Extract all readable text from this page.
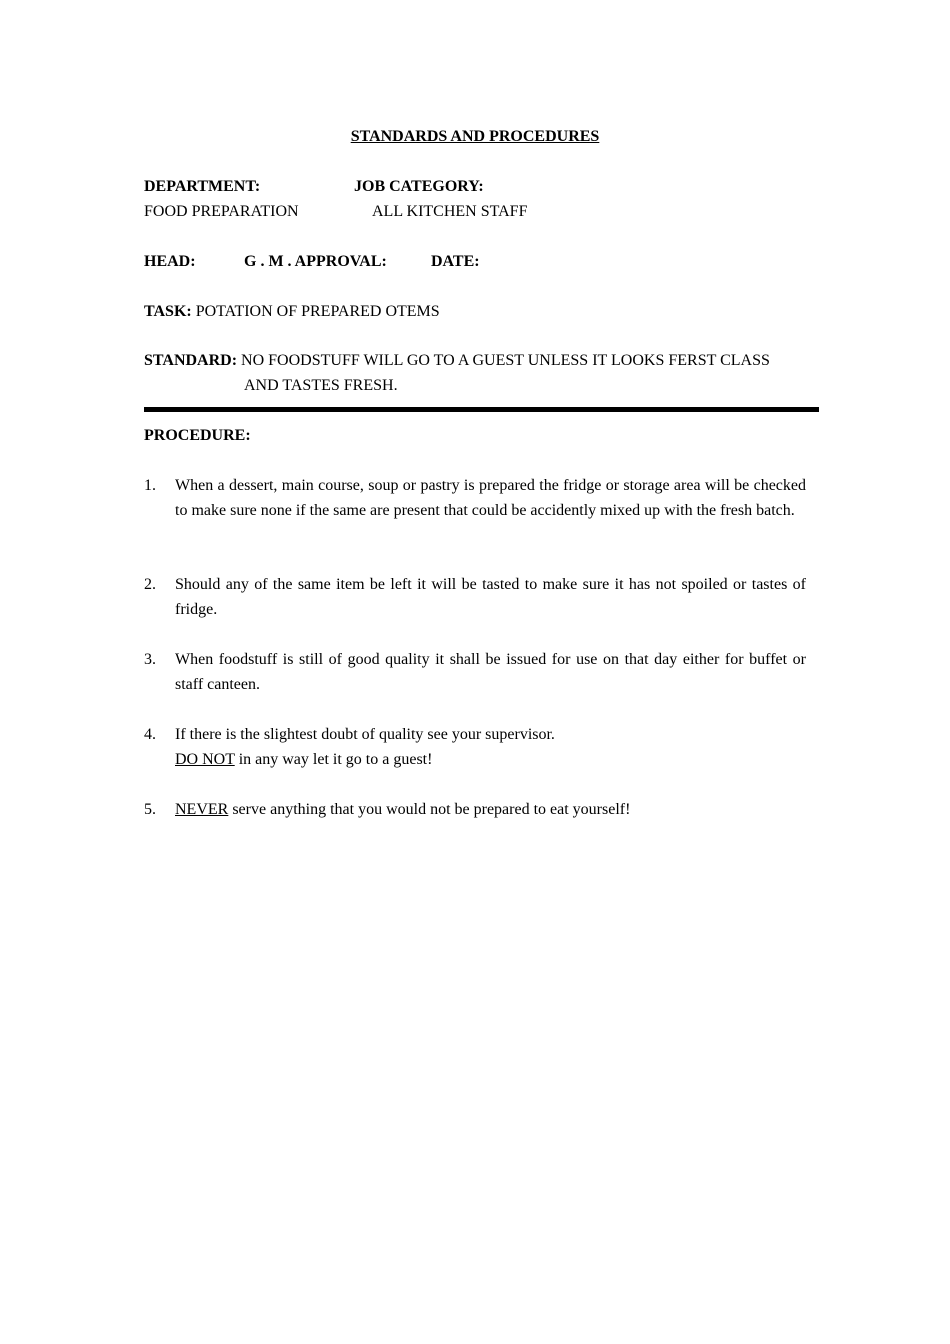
STANDARDS AND PROCEDURES
DEPARTMENT:	JOB CATEGORY:
FOOD PREPARATION	ALL KITCHEN STAFF
HEAD:	G . M . APPROVAL:	DATE:
TASK: POTATION OF PREPARED OTEMS
STANDARD: NO FOODSTUFF WILL GO TO A GUEST UNLESS IT LOOKS FERST CLASS
AND TASTES FRESH.
PROCEDURE:
1. When a dessert, main course, soup or pastry is prepared the fridge or storage area will be checked to make sure none if the same are present that could be accidently mixed up with the fresh batch.
2. Should any of the same item be left it will be tasted to make sure it has not spoiled or tastes of fridge.
3. When foodstuff is still of good quality it shall be issued for use on that day either for buffet or staff canteen.
4. If there is the slightest doubt of quality see your supervisor.
DO NOT in any way let it go to a guest!
5. NEVER serve anything that you would not be prepared to eat yourself!
